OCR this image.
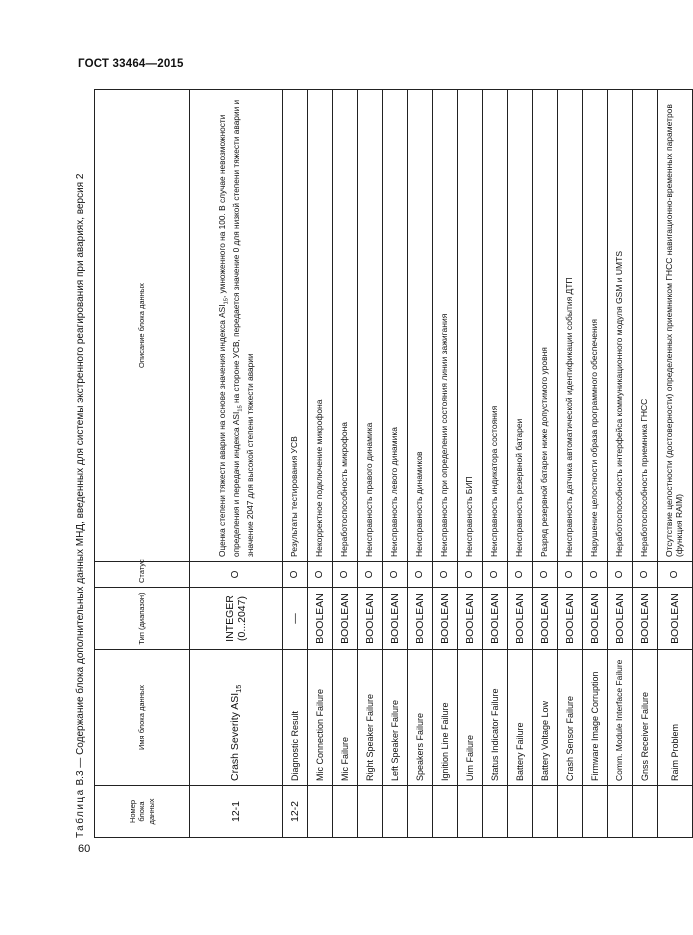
ГОСТ 33464—2015
Таблица В.3 — Содержание блока дополнительных данных МНД, введенных для системы экстренного реагирования при авариях, версия 2
Номер блока данных	Имя блока данных	Тип (диапазон)	Статус	Описание блока данных
12-1	Crash Severity $ASI_{15}$	INTEGER (0...2047)	O	Оценка степени тяжести аварии на основе значения индекса $ASI_{15}$, умноженного на 100. В случае невозможности определения и передачи индекса $ASI_{15}$ на стороне УСВ, передается значение 0 для низкой степени тяжести аварии и значение 2047 для высокой степени тяжести аварии
12-2	Diagnostic Result	—	O	Результаты тестирования УСВ
	Mic Connection Failure	BOOLEAN	O	Некорректное подключение микрофона
	Mic Failure	BOOLEAN	O	Неработоспособность микрофона
	Right Speaker Failure	BOOLEAN	O	Неисправность правого динамика
	Left Speaker Failure	BOOLEAN	O	Неисправность левого динамика
	Speakers Failure	BOOLEAN	O	Неисправность динамиков
	Ignition Line Failure	BOOLEAN	O	Неисправность при определении состояния линии зажигания
	Uim Failure	BOOLEAN	O	Неисправность БИП
	Status Indicator Failure	BOOLEAN	O	Неисправность индикатора состояния
	Battery Failure	BOOLEAN	O	Неисправность резервной батареи
	Battery Voltage Low	BOOLEAN	O	Разряд резервной батареи ниже допустимого уровня
	Crash Sensor Failure	BOOLEAN	O	Неисправность датчика автоматической идентификации события ДТП
	Firmware Image Corruption	BOOLEAN	O	Нарушение целостности образа программного обеспечения
	Comm. Module Interface Failure	BOOLEAN	O	Неработоспособность интерфейса коммуникационного модуля GSM и UMTS
	Gnss Receiver Failure	BOOLEAN	O	Неработоспособность приемника ГНСС
	Raim Problem	BOOLEAN	O	Отсутствие целостности (достоверности) определенных приемником ГНСС навигационно-временных параметров (функция RAIM)
60
